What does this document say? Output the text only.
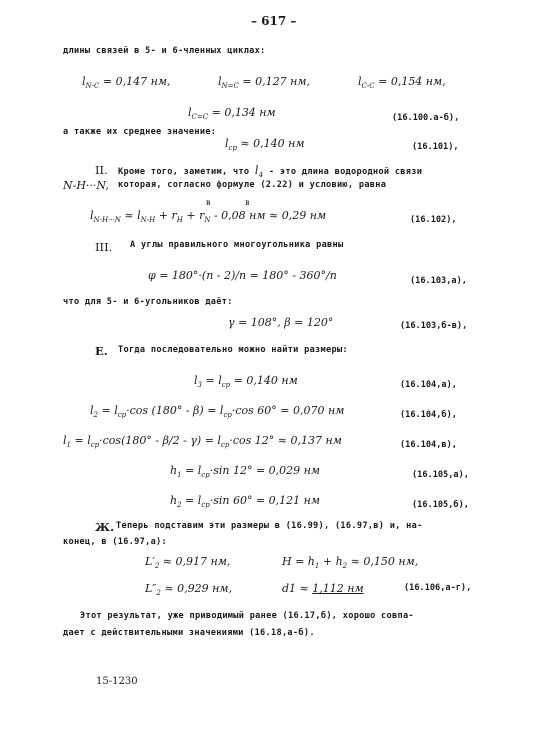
– 617 –
длины связей в 5- и 6-членных циклах:
$l_{N-C} = 0,147$ нм,	$l_{N=C} = 0,127$ нм,	$l_{C-C} = 0,154$ нм,
$l_{C=C} = 0,134$ нм	(16.100.а-б),
а также их среднее значение:
$l_{ср} \approx 0,140$ нм	(16.101),
II. Кроме того, заметим, что $l_4$ - это длина водородной связи
N-H···N, которая, согласно формуле (2.22) и условию, равна
$l_{N-H\cdot\cdot\cdot N} \approx l_{N-H} + r_H + r_N - 0,08$ нм ≈ 0,29 нм
в	в
(16.102),
III. А углы правильного многоугольника равны
φ = 180°·(n - 2)/n = 180° - 360°/n	(16.103,а),
что для 5- и 6-угольников даёт:
γ = 108°, β = 120°	(16.103,б-в),
Е. Тогда последовательно можно найти размеры:
$l_3 = l_{ср} = 0,140$ нм	(16.104,а),
$l_2 = l_{ср}\cdot\cos$ $(180^\circ - \beta) = l_{ср}\cdot\cos$ 60° = 0,070 нм	(16.104,б),
$l_1 = l_{ср}\cdot\cos(180^\circ - \beta/2 - \gamma) = l_{ср}\cdot\cos$ 12° ≈ 0,137 нм	(16.104,в),
$h_1 = l_{ср}\cdot\sin$ 12° = 0,029 нм	(16.105,а),
$h_2 = l_{ср}\cdot\sin$ 60° = 0,121 нм	(16.105,б),
Ж. Теперь подставим эти размеры в (16.99), (16.97,в) и, на-
конец, в (16.97,а):
$L'_2 \approx 0,917$ нм,	$H = h_1 + h_2 \approx 0,150$ нм,
$L''_2 \approx 0,929$ нм,	d1 ≈ 1,112 нм	(16.106,а-г),
Этот результат, уже приводимый ранее (16.17,б), хорошо совпа-
дает с действительными значениями (16.18,а-б).
15-1230
